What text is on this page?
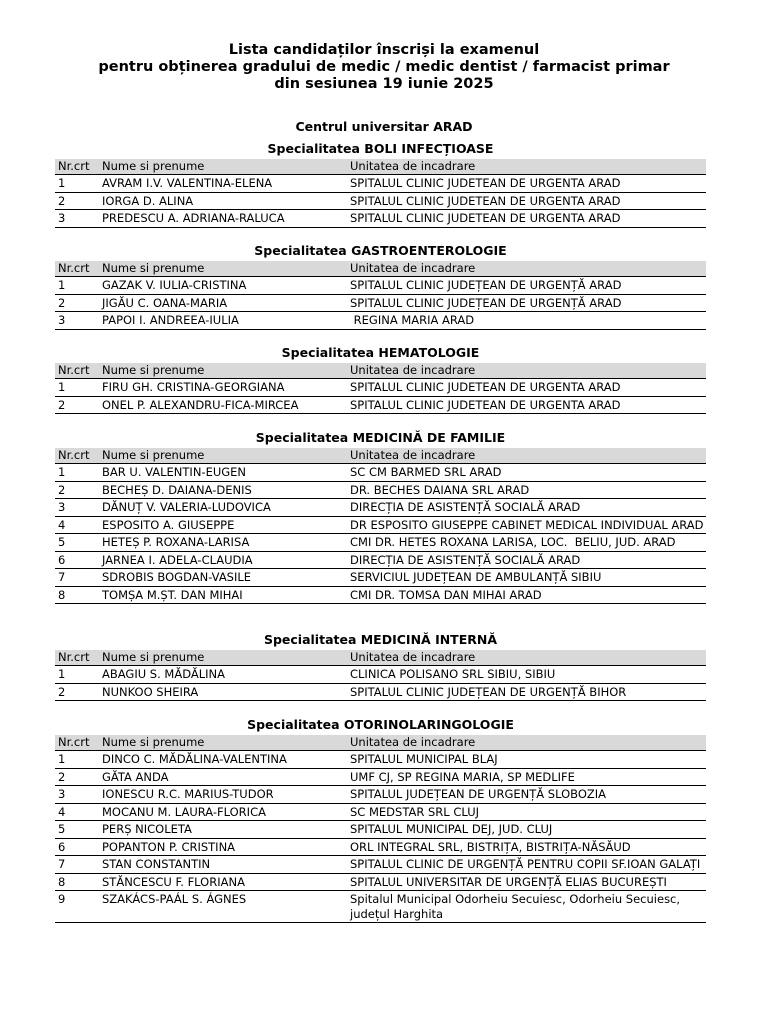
Lista candidaților înscriși la examenul
pentru obținerea gradului de medic / medic dentist / farmacist primar
din sesiunea 19 iunie 2025
Centrul universitar ARAD
Specialitatea BOLI INFECȚIOASE
Nr.crt	Nume si prenume	Unitatea de incadrare
1	AVRAM I.V. VALENTINA-ELENA	SPITALUL CLINIC JUDETEAN DE URGENTA ARAD
2	IORGA D. ALINA	SPITALUL CLINIC JUDETEAN DE URGENTA ARAD
3	PREDESCU A. ADRIANA-RALUCA	SPITALUL CLINIC JUDETEAN DE URGENTA ARAD
Specialitatea GASTROENTEROLOGIE
Nr.crt	Nume si prenume	Unitatea de incadrare
1	GAZAK V. IULIA-CRISTINA	SPITALUL CLINIC JUDEȚEAN DE URGENȚĂ ARAD
2	JIGĂU C. OANA-MARIA	SPITALUL CLINIC JUDEȚEAN DE URGENȚĂ ARAD
3	PAPOI I. ANDREEA-IULIA	REGINA MARIA ARAD
Specialitatea HEMATOLOGIE
Nr.crt	Nume si prenume	Unitatea de incadrare
1	FIRU GH. CRISTINA-GEORGIANA	SPITALUL CLINIC JUDETEAN DE URGENTA ARAD
2	ONEL P. ALEXANDRU-FICA-MIRCEA	SPITALUL CLINIC JUDETEAN DE URGENTA ARAD
Specialitatea MEDICINĂ DE FAMILIE
Nr.crt	Nume si prenume	Unitatea de incadrare
1	BAR U. VALENTIN-EUGEN	SC CM BARMED SRL ARAD
2	BECHEȘ D. DAIANA-DENIS	DR. BECHES DAIANA SRL ARAD
3	DĂNUȚ V. VALERIA-LUDOVICA	DIRECȚIA DE ASISTENȚĂ SOCIALĂ ARAD
4	ESPOSITO A. GIUSEPPE	DR ESPOSITO GIUSEPPE CABINET MEDICAL INDIVIDUAL ARAD
5	HETEȘ P. ROXANA-LARISA	CMI DR. HETES ROXANA LARISA, LOC.  BELIU, JUD. ARAD
6	JARNEA I. ADELA-CLAUDIA	DIRECȚIA DE ASISTENȚĂ SOCIALĂ ARAD
7	SDROBIS BOGDAN-VASILE	SERVICIUL JUDEȚEAN DE AMBULANȚĂ SIBIU
8	TOMȘA M.ȘT. DAN MIHAI	CMI DR. TOMSA DAN MIHAI ARAD
Specialitatea MEDICINĂ INTERNĂ
Nr.crt	Nume si prenume	Unitatea de incadrare
1	ABAGIU S. MĂDĂLINA	CLINICA POLISANO SRL SIBIU, SIBIU
2	NUNKOO SHEIRA	SPITALUL CLINIC JUDEȚEAN DE URGENȚĂ BIHOR
Specialitatea OTORINOLARINGOLOGIE
Nr.crt	Nume si prenume	Unitatea de incadrare
1	DINCO C. MĂDĂLINA-VALENTINA	SPITALUL MUNICIPAL BLAJ
2	GĂTA ANDA	UMF CJ, SP REGINA MARIA, SP MEDLIFE
3	IONESCU R.C. MARIUS-TUDOR	SPITALUL JUDEȚEAN DE URGENȚĂ SLOBOZIA
4	MOCANU M. LAURA-FLORICA	SC MEDSTAR SRL CLUJ
5	PERȘ NICOLETA	SPITALUL MUNICIPAL DEJ, JUD. CLUJ
6	POPANTON P. CRISTINA	ORL INTEGRAL SRL, BISTRIȚA, BISTRIȚA-NĂSĂUD
7	STAN CONSTANTIN	SPITALUL CLINIC DE URGENȚĂ PENTRU COPII SF.IOAN GALAȚI
8	STĂNCESCU F. FLORIANA	SPITALUL UNIVERSITAR DE URGENȚĂ ELIAS BUCUREȘTI
9	SZAKÁCS-PAÁL S. ÁGNES	Spitalul Municipal Odorheiu Secuiesc, Odorheiu Secuiesc, județul Harghita
